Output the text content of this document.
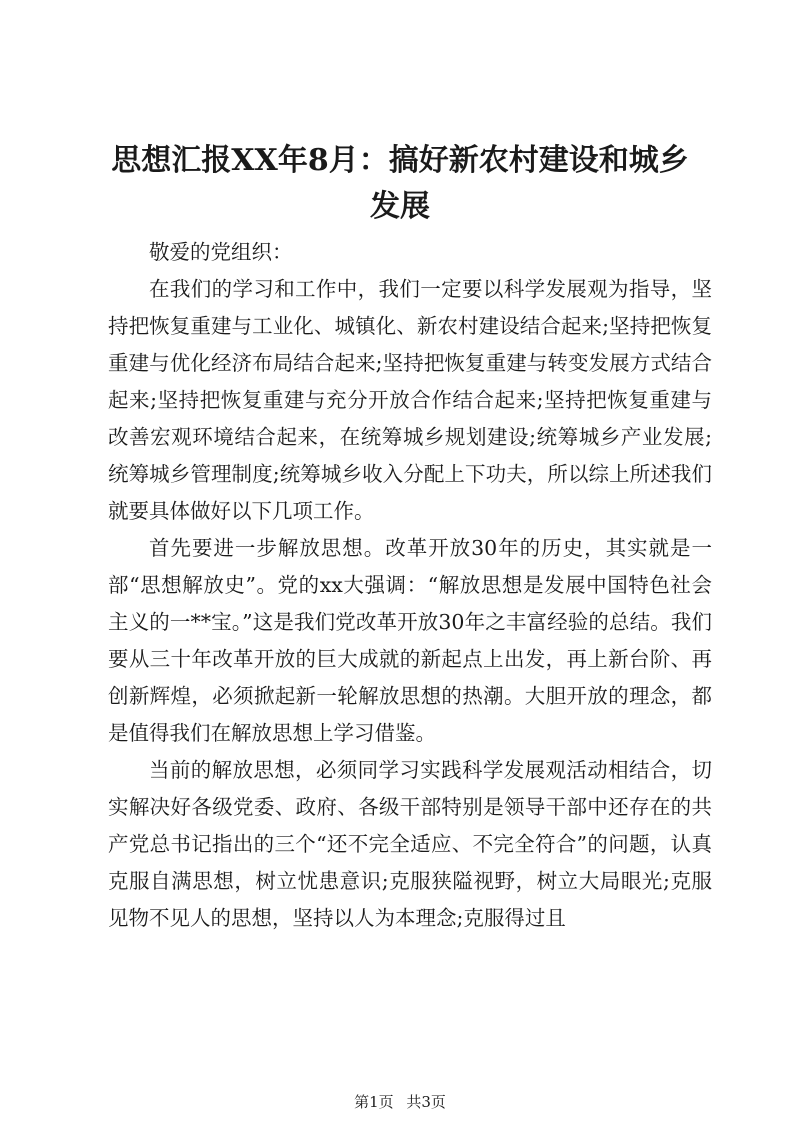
思想汇报XX年8月：搞好新农村建设和城乡发展

敬爱的党组织：

在我们的学习和工作中，我们一定要以科学发展观为指导，坚持把恢复重建与工业化、城镇化、新农村建设结合起来;坚持把恢复重建与优化经济布局结合起来;坚持把恢复重建与转变发展方式结合起来;坚持把恢复重建与充分开放合作结合起来;坚持把恢复重建与改善宏观环境结合起来，在统筹城乡规划建设;统筹城乡产业发展;统筹城乡管理制度;统筹城乡收入分配上下功夫，所以综上所述我们就要具体做好以下几项工作。

首先要进一步解放思想。改革开放30年的历史，其实就是一部“思想解放史”。党的xx大强调：“解放思想是发展中国特色社会主义的一**宝。”这是我们党改革开放30年之丰富经验的总结。我们要从三十年改革开放的巨大成就的新起点上出发，再上新台阶、再创新辉煌，必须掀起新一轮解放思想的热潮。大胆开放的理念，都是值得我们在解放思想上学习借鉴。

当前的解放思想，必须同学习实践科学发展观活动相结合，切实解决好各级党委、政府、各级干部特别是领导干部中还存在的共产党总书记指出的三个“还不完全适应、不完全符合”的问题，认真克服自满思想，树立忧患意识;克服狭隘视野，树立大局眼光;克服见物不见人的思想，坚持以人为本理念;克服得过且

第1页 共3页
